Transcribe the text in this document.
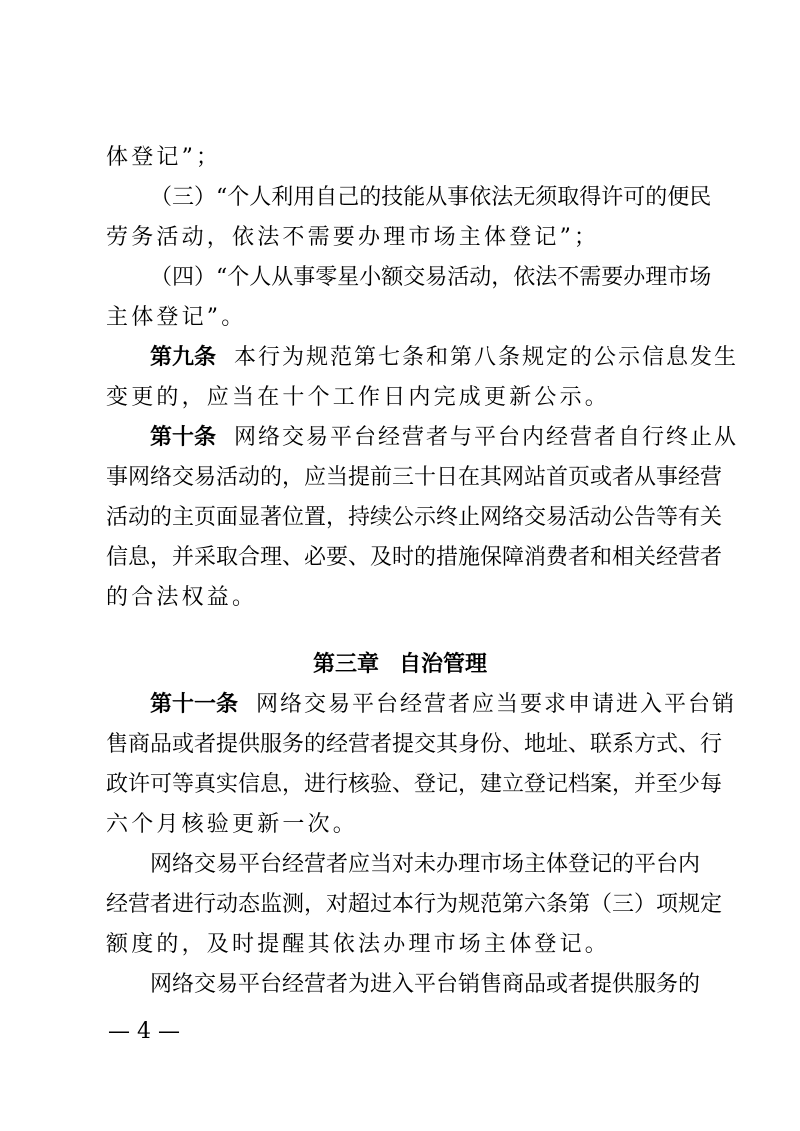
体登记”；
（三）“个人利用自己的技能从事依法无须取得许可的便民
劳务活动，依法不需要办理市场主体登记”；
（四）“个人从事零星小额交易活动，依法不需要办理市场
主体登记”。
第九条 本行为规范第七条和第八条规定的公示信息发生
变更的，应当在十个工作日内完成更新公示。
第十条 网络交易平台经营者与平台内经营者自行终止从
事网络交易活动的，应当提前三十日在其网站首页或者从事经营
活动的主页面显著位置，持续公示终止网络交易活动公告等有关
信息，并采取合理、必要、及时的措施保障消费者和相关经营者
的合法权益。
第三章 自治管理
第十一条 网络交易平台经营者应当要求申请进入平台销
售商品或者提供服务的经营者提交其身份、地址、联系方式、行
政许可等真实信息，进行核验、登记，建立登记档案，并至少每
六个月核验更新一次。
网络交易平台经营者应当对未办理市场主体登记的平台内
经营者进行动态监测，对超过本行为规范第六条第（三）项规定
额度的，及时提醒其依法办理市场主体登记。
网络交易平台经营者为进入平台销售商品或者提供服务的
— 4 —
